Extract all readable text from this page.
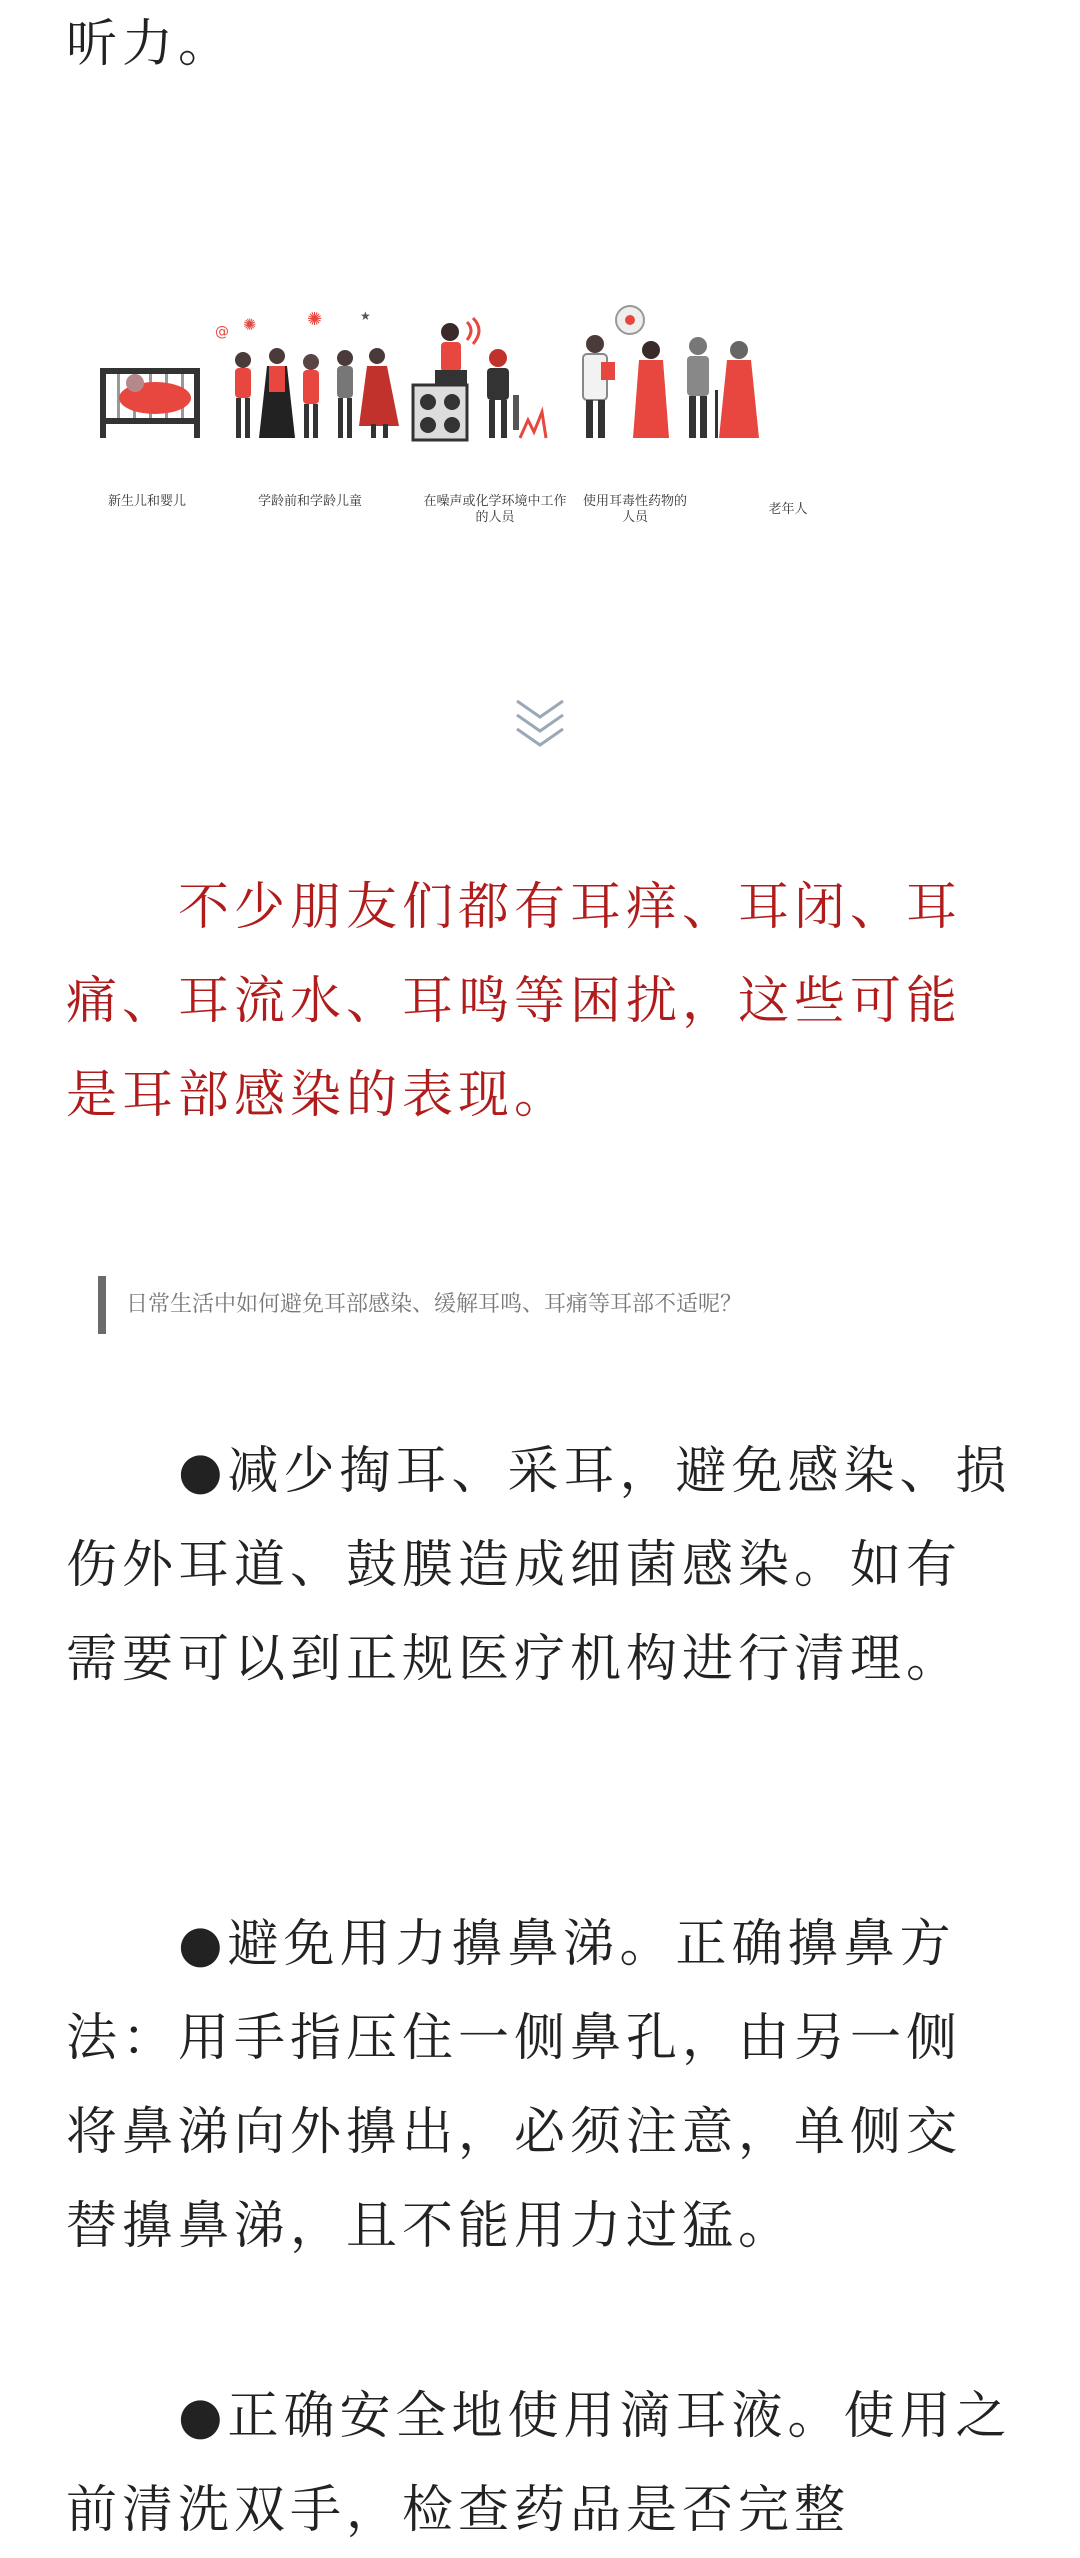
听力。

✺	✺	★
@
新生儿和婴儿	学龄前和学龄儿童	在噪声或化学环境中工作
的人员
使用耳毒性药物的
人员
老年人

不少朋友们都有耳痒、耳闭、耳痛、耳流水、耳鸣等困扰，这些可能是耳部感染的表现。

日常生活中如何避免耳部感染、缓解耳鸣、耳痛等耳部不适呢？

●减少掏耳、采耳，避免感染、损伤外耳道、鼓膜造成细菌感染。如有需要可以到正规医疗机构进行清理。

●避免用力擤鼻涕。正确擤鼻方法：用手指压住一侧鼻孔，由另一侧将鼻涕向外擤出，必须注意，单侧交替擤鼻涕，且不能用力过猛。

●正确安全地使用滴耳液。使用之前清洗双手，检查药品是否完整
